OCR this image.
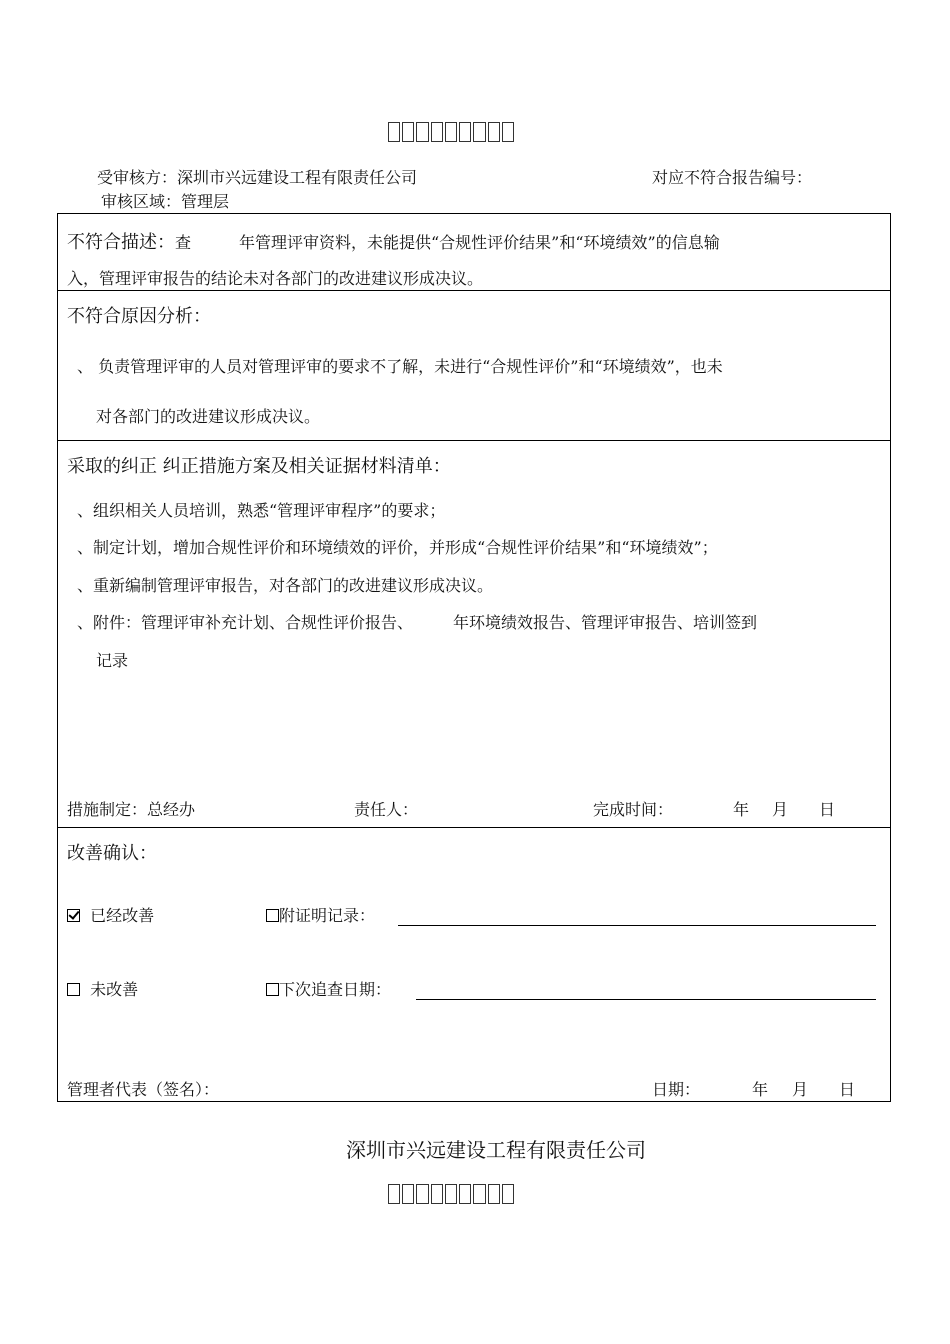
受审核方：深圳市兴远建设工程有限责任公司	对应不符合报告编号：
审核区域：管理层
不符合描述：查　　　年管理评审资料，未能提供“合规性评价结果”和“环境绩效”的信息输
入，管理评审报告的结论未对各部门的改进建议形成决议。
不符合原因分析：
、 负责管理评审的人员对管理评审的要求不了解，未进行“合规性评价”和“环境绩效”，也未
对各部门的改进建议形成决议。
采取的纠正 纠正措施方案及相关证据材料清单：
、组织相关人员培训，熟悉“管理评审程序”的要求；
、制定计划，增加合规性评价和环境绩效的评价，并形成“合规性评价结果”和“环境绩效”；
、重新编制管理评审报告，对各部门的改进建议形成决议。
、附件：管理评审补充计划、合规性评价报告、　　　年环境绩效报告、管理评审报告、培训签到
记录
措施制定：总经办	责任人：	完成时间：	年 月 日
改善确认：
已经改善	附证明记录：
未改善	下次追查日期：
管理者代表（签名）：	日期：	年 月 日
深圳市兴远建设工程有限责任公司
